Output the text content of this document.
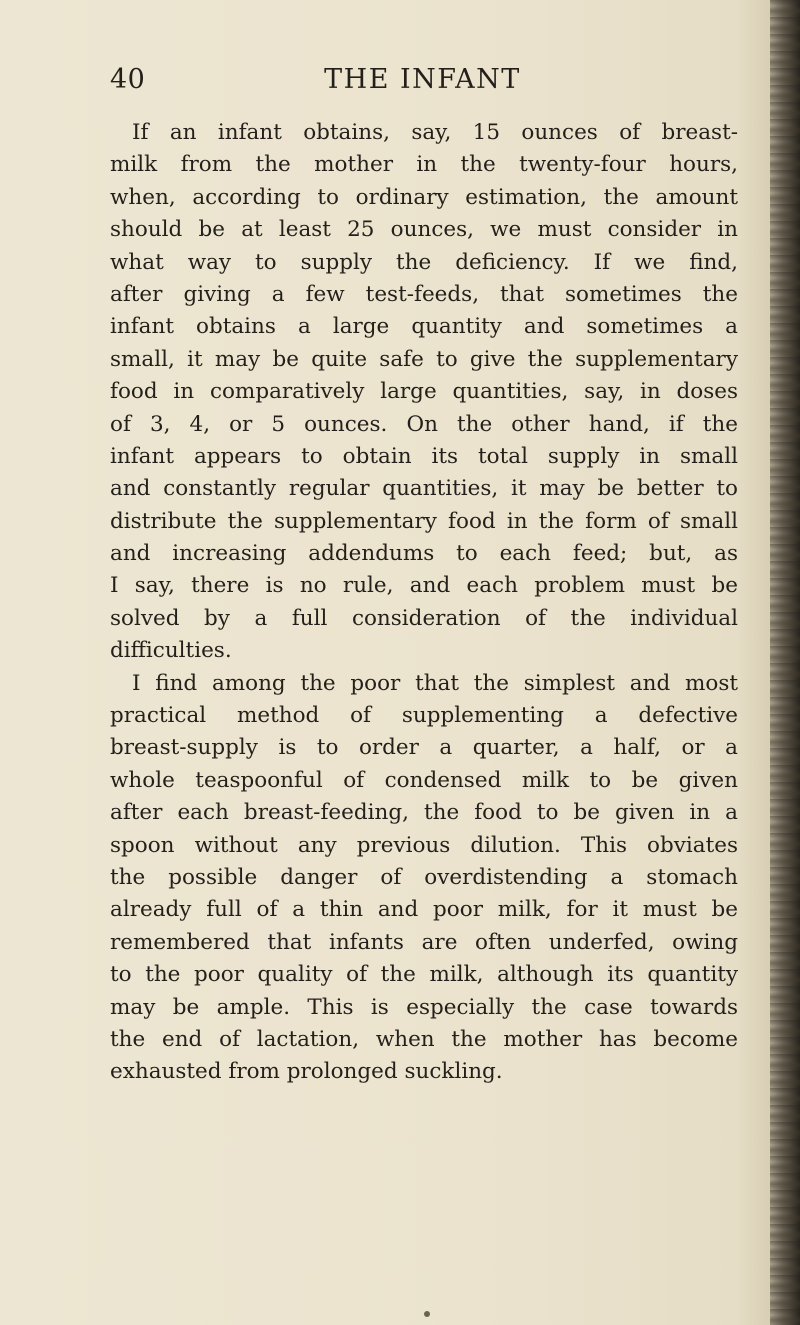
40	THE INFANT
If an infant obtains, say, 15 ounces of breast-
milk from the mother in the twenty-four hours,
when, according to ordinary estimation, the amount
should be at least 25 ounces, we must consider in
what way to supply the deficiency. If we find,
after giving a few test-feeds, that sometimes the
infant obtains a large quantity and sometimes a
small, it may be quite safe to give the supplementary
food in comparatively large quantities, say, in doses
of 3, 4, or 5 ounces. On the other hand, if the
infant appears to obtain its total supply in small
and constantly regular quantities, it may be better to
distribute the supplementary food in the form of small
and increasing addendums to each feed; but, as
I say, there is no rule, and each problem must be
solved by a full consideration of the individual
difficulties.
I find among the poor that the simplest and most
practical method of supplementing a defective
breast-supply is to order a quarter, a half, or a
whole teaspoonful of condensed milk to be given
after each breast-feeding, the food to be given in a
spoon without any previous dilution. This obviates
the possible danger of overdistending a stomach
already full of a thin and poor milk, for it must be
remembered that infants are often underfed, owing
to the poor quality of the milk, although its quantity
may be ample. This is especially the case towards
the end of lactation, when the mother has become
exhausted from prolonged suckling.
